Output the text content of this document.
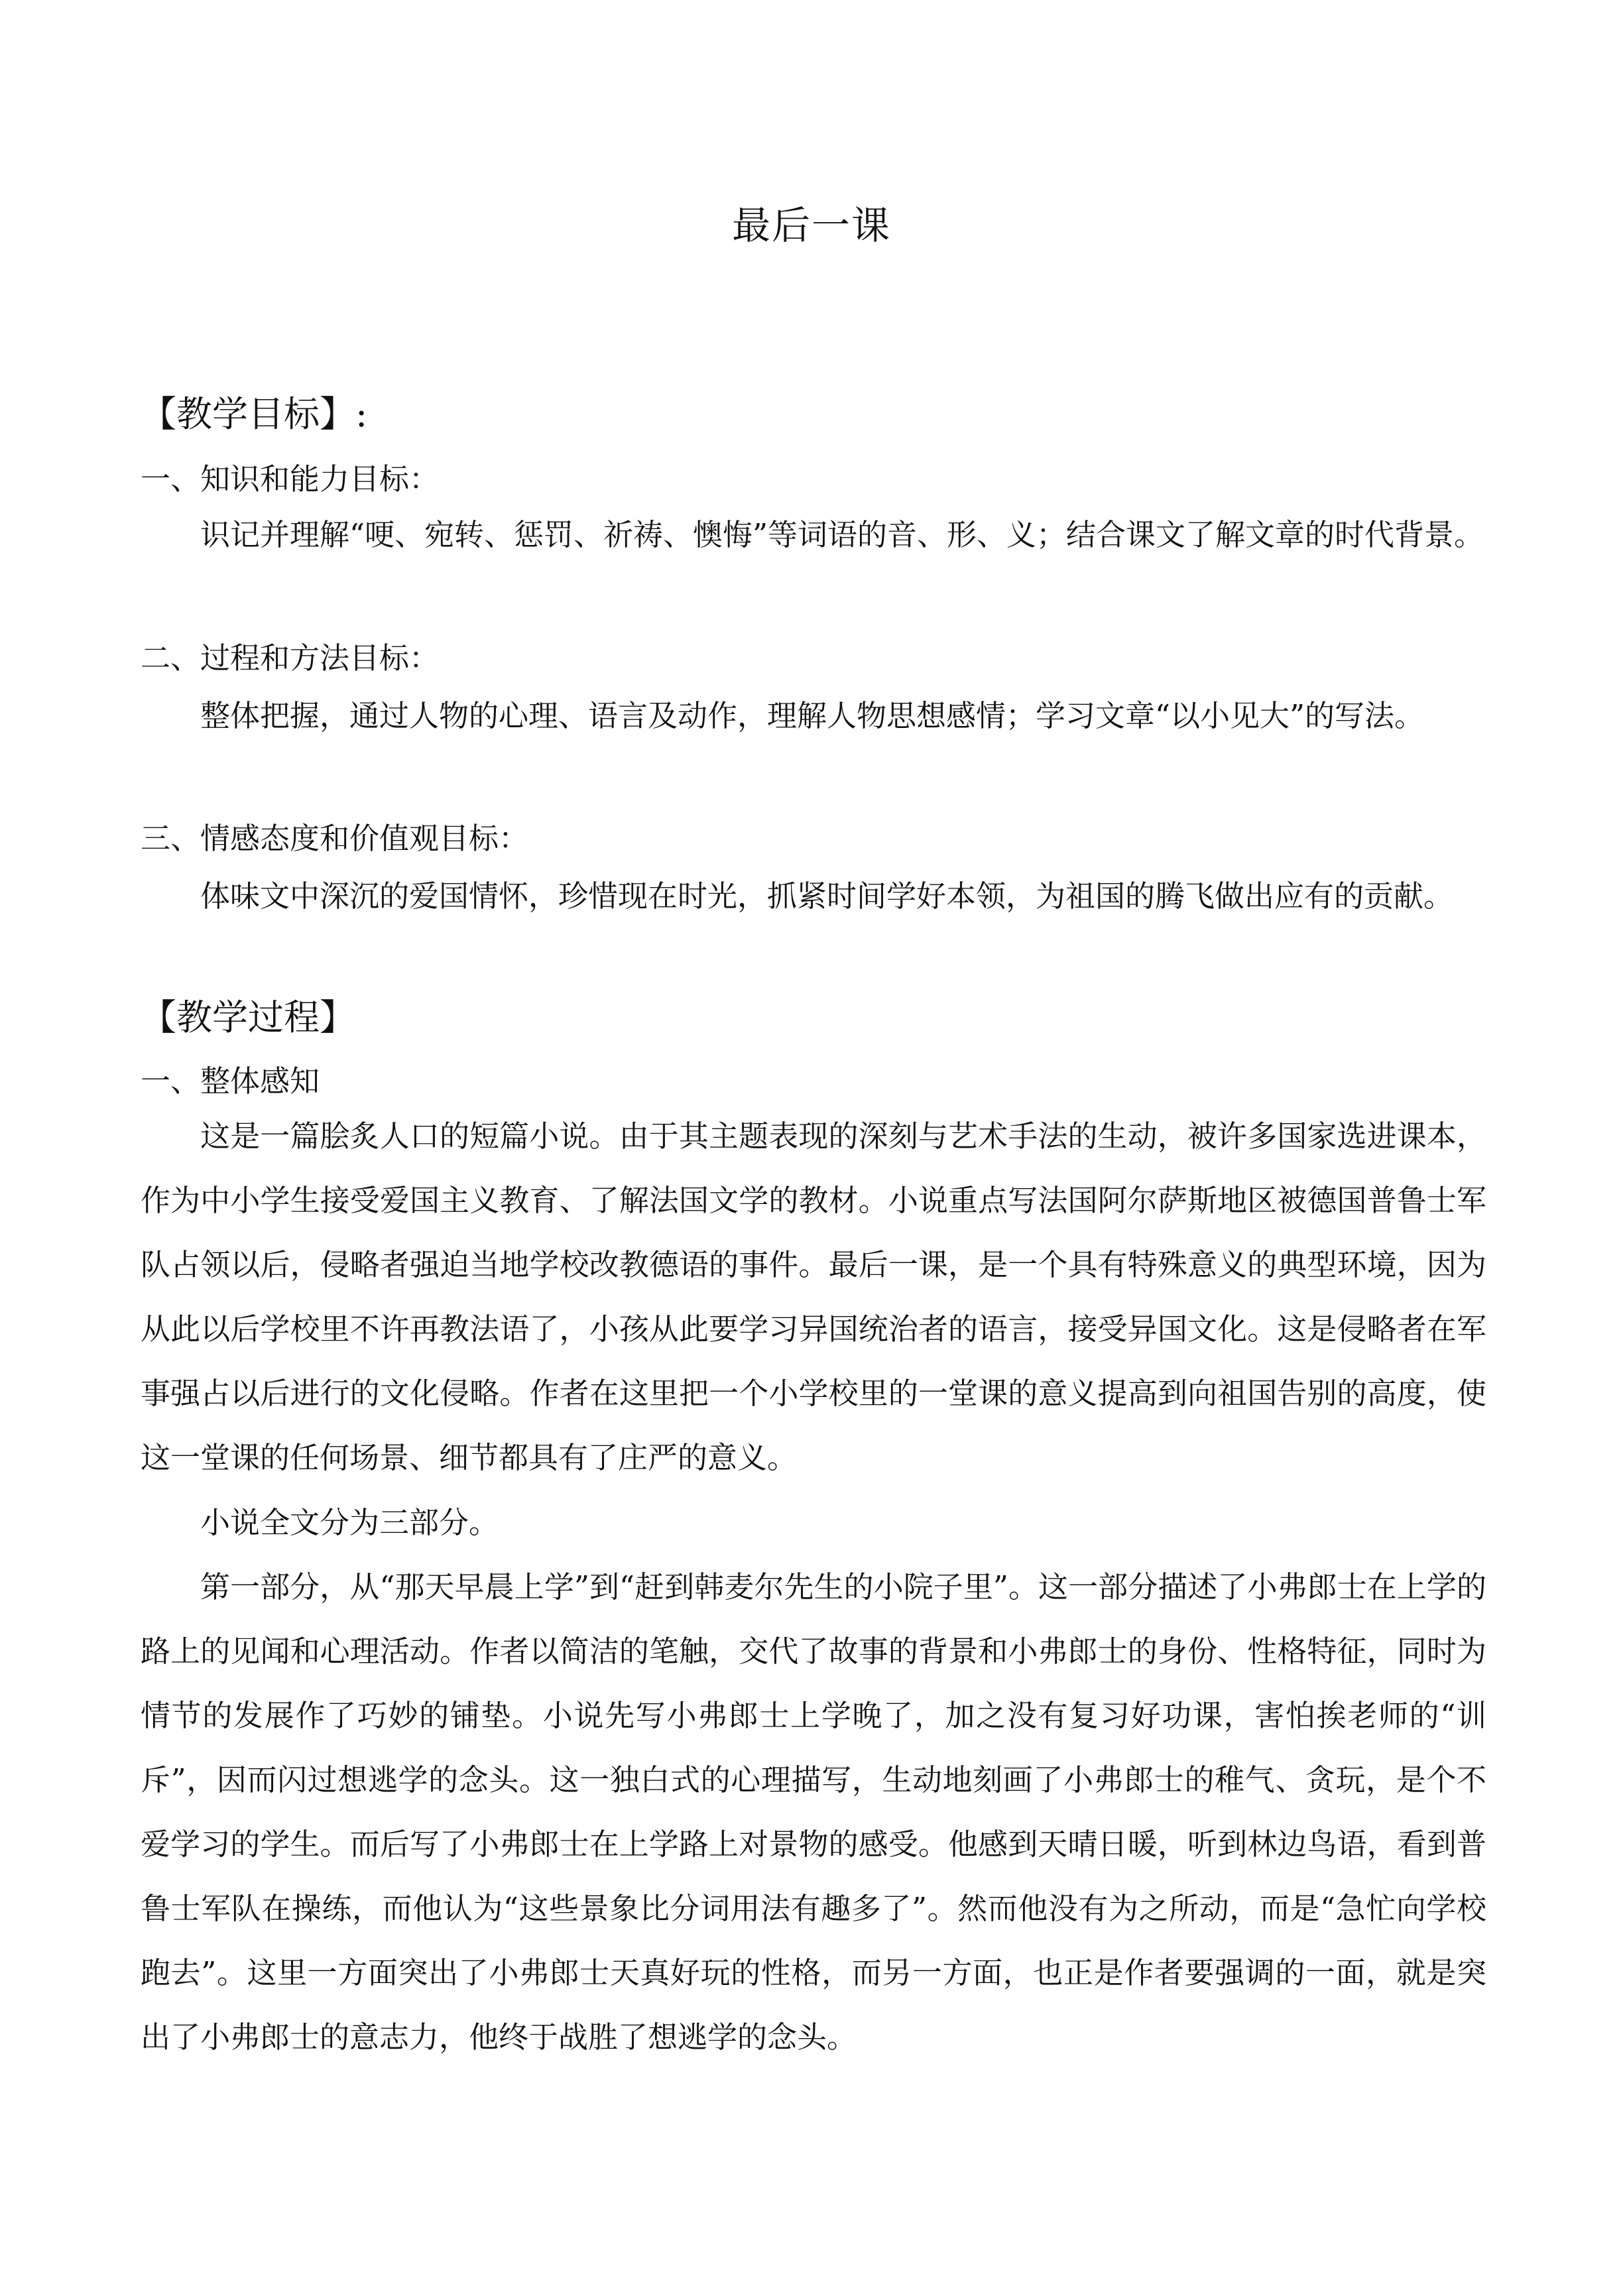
最后一课
【教学目标】:
一、知识和能力目标：
识记并理解“哽、宛转、惩罚、祈祷、懊悔”等词语的音、形、义；结合课文了解文章的时代背景。
二、过程和方法目标：
整体把握，通过人物的心理、语言及动作，理解人物思想感情；学习文章“以小见大”的写法。
三、情感态度和价值观目标：
体味文中深沉的爱国情怀，珍惜现在时光，抓紧时间学好本领，为祖国的腾飞做出应有的贡献。
【教学过程】
一、整体感知
这是一篇脍炙人口的短篇小说。由于其主题表现的深刻与艺术手法的生动，被许多国家选进课本，作为中小学生接受爱国主义教育、了解法国文学的教材。小说重点写法国阿尔萨斯地区被德国普鲁士军队占领以后，侵略者强迫当地学校改教德语的事件。最后一课，是一个具有特殊意义的典型环境，因为从此以后学校里不许再教法语了，小孩从此要学习异国统治者的语言，接受异国文化。这是侵略者在军事强占以后进行的文化侵略。作者在这里把一个小学校里的一堂课的意义提高到向祖国告别的高度，使这一堂课的任何场景、细节都具有了庄严的意义。
小说全文分为三部分。
第一部分，从“那天早晨上学”到“赶到韩麦尔先生的小院子里”。这一部分描述了小弗郎士在上学的路上的见闻和心理活动。作者以简洁的笔触，交代了故事的背景和小弗郎士的身份、性格特征，同时为情节的发展作了巧妙的铺垫。小说先写小弗郎士上学晚了，加之没有复习好功课，害怕挨老师的“训斥”，因而闪过想逃学的念头。这一独白式的心理描写，生动地刻画了小弗郎士的稚气、贪玩，是个不爱学习的学生。而后写了小弗郎士在上学路上对景物的感受。他感到天晴日暖，听到林边鸟语，看到普鲁士军队在操练，而他认为“这些景象比分词用法有趣多了”。然而他没有为之所动，而是“急忙向学校跑去”。这里一方面突出了小弗郎士天真好玩的性格，而另一方面，也正是作者要强调的一面，就是突出了小弗郎士的意志力，他终于战胜了想逃学的念头。
